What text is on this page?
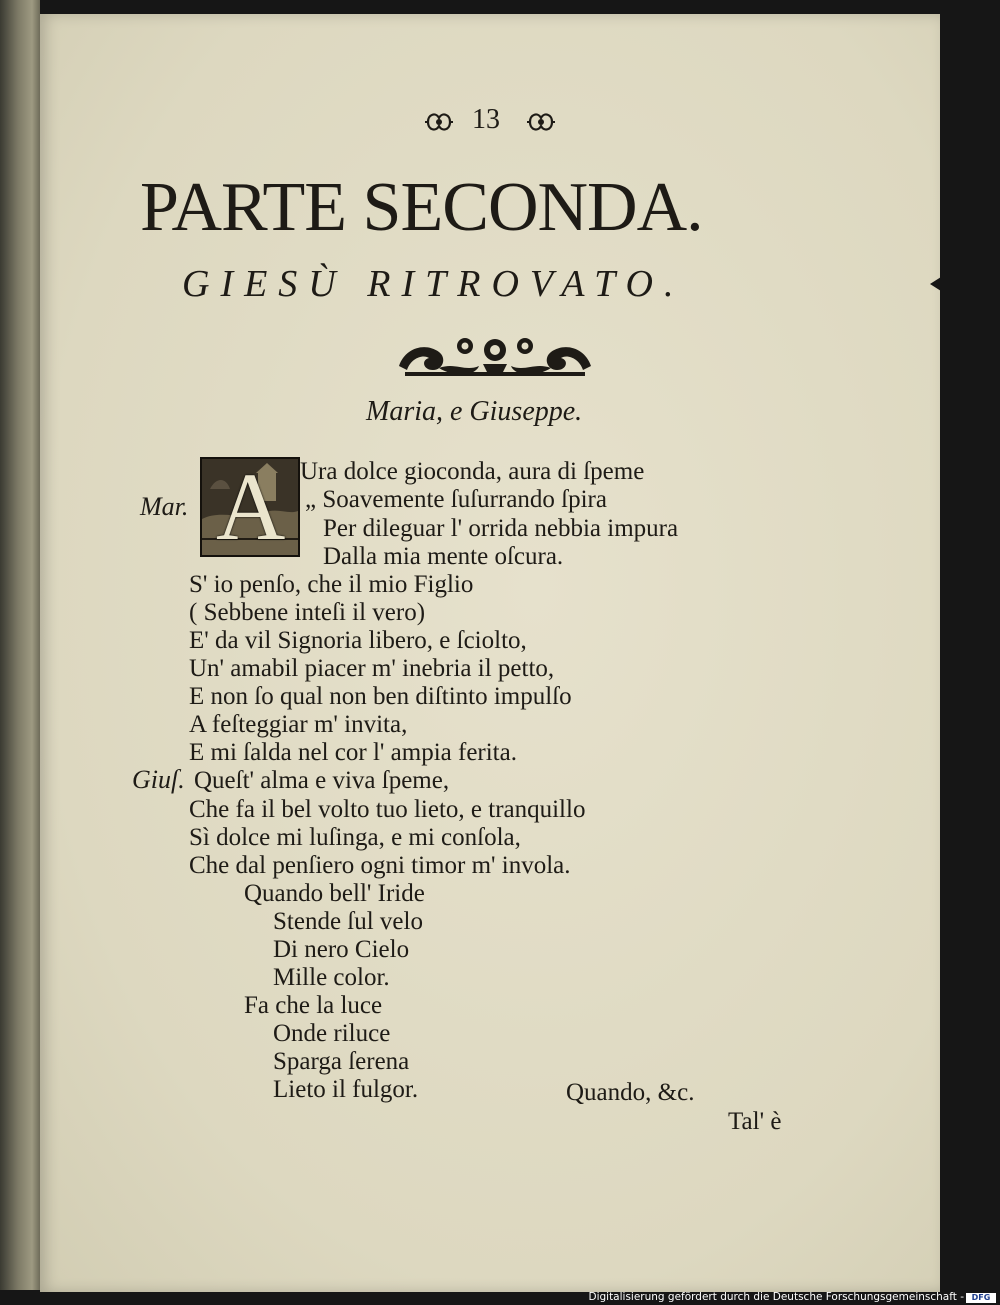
13
PARTE SECONDA.
GIESÙ RITROVATO.
Maria, e Giuseppe.
Mar.
Giuſ.
A Ura dolce gioconda, aura di ſpeme
„ Soavemente ſuſurrando ſpira
Per dileguar l' orrida nebbia impura
Dalla mia mente oſcura.
S' io penſo, che il mio Figlio
( Sebbene inteſi il vero)
E' da vil Signoria libero, e ſciolto,
Un' amabil piacer m' inebria il petto,
E non ſo qual non ben diſtinto impulſo
A feſteggiar m' invita,
E mi ſalda nel cor l' ampia ferita.
Queſt' alma e viva ſpeme,
Che fa il bel volto tuo lieto, e tranquillo
Sì dolce mi luſinga, e mi conſola,
Che dal penſiero ogni timor m' invola.
Quando bell' Iride
Stende ſul velo
Di nero Cielo
Mille color.
Fa che la luce
Onde riluce
Sparga ſerena
Lieto il fulgor.	Quando, &c.
Tal' è
Digitalisierung gefördert durch die Deutsche Forschungsgemeinschaft - DFG
